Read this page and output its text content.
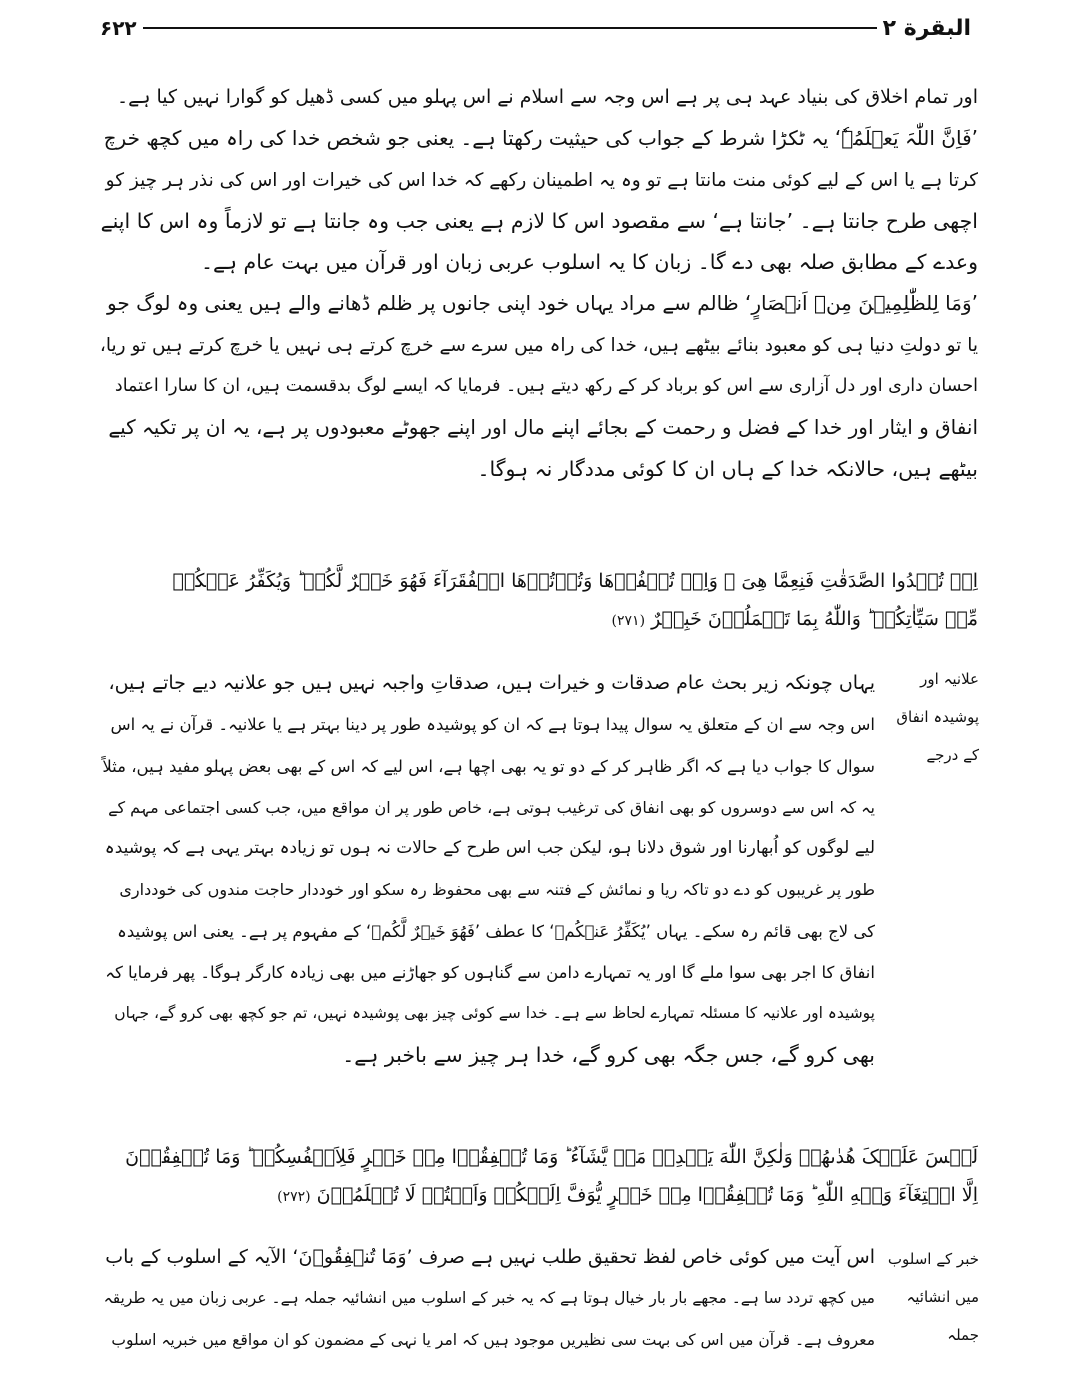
۶۲۲	البقرة ۲
اور تمام اخلاق کی بنیاد عہد ہی پر ہے اس وجہ سے اسلام نے اس پہلو میں کسی ڈھیل کو گوارا نہیں کیا ہے۔
’فَاِنَّ اللّٰہَ یَعۡلَمُہٗ‘ یہ ٹکڑا شرط کے جواب کی حیثیت رکھتا ہے۔ یعنی جو شخص خدا کی راہ میں کچھ خرچ
کرتا ہے یا اس کے لیے کوئی منت مانتا ہے تو وہ یہ اطمینان رکھے کہ خدا اس کی خیرات اور اس کی نذر ہر چیز کو
اچھی طرح جانتا ہے۔ ’جانتا ہے‘ سے مقصود اس کا لازم ہے یعنی جب وہ جانتا ہے تو لازماً وہ اس کا اپنے
وعدے کے مطابق صلہ بھی دے گا۔ زبان کا یہ اسلوب عربی زبان اور قرآن میں بہت عام ہے۔
’وَمَا لِلظّٰلِمِیۡنَ مِنۡ اَنۡصَارٍ‘ ظالم سے مراد یہاں خود اپنی جانوں پر ظلم ڈھانے والے ہیں یعنی وہ لوگ جو
یا تو دولتِ دنیا ہی کو معبود بنائے بیٹھے ہیں، خدا کی راہ میں سرے سے خرچ کرتے ہی نہیں یا خرچ کرتے ہیں تو ریا،
احسان داری اور دل آزاری سے اس کو برباد کر کے رکھ دیتے ہیں۔ فرمایا کہ ایسے لوگ بدقسمت ہیں، ان کا سارا اعتماد
انفاق و ایثار اور خدا کے فضل و رحمت کے بجائے اپنے مال اور اپنے جھوٹے معبودوں پر ہے، یہ ان پر تکیہ کیے
بیٹھے ہیں، حالانکہ خدا کے ہاں ان کا کوئی مددگار نہ ہوگا۔
اِنۡ تُبۡدُوا الصَّدَقٰتِ فَنِعِمَّا هِیَ ۚ وَاِنۡ تُخۡفُوۡهَا وَتُؤۡتُوۡهَا الۡفُقَرَآءَ فَهُوَ خَیۡرٌ لَّکُمۡ ؕ وَیُکَفِّرُ عَنۡکُمۡ
مِّنۡ سَیِّاٰتِکُمۡ ؕ وَاللّٰهُ بِمَا تَعۡمَلُوۡنَ خَبِیۡرٌ (۲۷۱)
علانیہ اور
پوشیدہ انفاق
کے درجے
یہاں چونکہ زیر بحث عام صدقات و خیرات ہیں، صدقاتِ واجبہ نہیں ہیں جو علانیہ دیے جاتے ہیں،
اس وجہ سے ان کے متعلق یہ سوال پیدا ہوتا ہے کہ ان کو پوشیدہ طور پر دینا بہتر ہے یا علانیہ۔ قرآن نے یہ اس
سوال کا جواب دیا ہے کہ اگر ظاہر کر کے دو تو یہ بھی اچھا ہے، اس لیے کہ اس کے بھی بعض پہلو مفید ہیں، مثلاً
یہ کہ اس سے دوسروں کو بھی انفاق کی ترغیب ہوتی ہے، خاص طور پر ان مواقع میں، جب کسی اجتماعی مہم کے
لیے لوگوں کو اُبھارنا اور شوق دلانا ہو، لیکن جب اس طرح کے حالات نہ ہوں تو زیادہ بہتر یہی ہے کہ پوشیدہ
طور پر غریبوں کو دے دو تاکہ ریا و نمائش کے فتنہ سے بھی محفوظ رہ سکو اور خوددار حاجت مندوں کی خودداری
کی لاج بھی قائم رہ سکے۔ یہاں ’یُکَفِّرُ عَنۡکُمۡ‘ کا عطف ’فَهُوَ خَیۡرٌ لَّکُمۡ‘ کے مفہوم پر ہے۔ یعنی اس پوشیدہ
انفاق کا اجر بھی سوا ملے گا اور یہ تمہارے دامن سے گناہوں کو جھاڑنے میں بھی زیادہ کارگر ہوگا۔ پھر فرمایا کہ
پوشیدہ اور علانیہ کا مسئلہ تمہارے لحاظ سے ہے۔ خدا سے کوئی چیز بھی پوشیدہ نہیں، تم جو کچھ بھی کرو گے، جہاں
بھی کرو گے، جس جگہ بھی کرو گے، خدا ہر چیز سے باخبر ہے۔
لَیۡسَ عَلَیۡکَ هُدٰىهُمۡ وَلٰکِنَّ اللّٰهَ یَهۡدِیۡ مَنۡ یَّشَآءُ ؕ وَمَا تُنۡفِقُوۡا مِنۡ خَیۡرٍ فَلِاَنۡفُسِکُمۡ ؕ وَمَا تُنۡفِقُوۡنَ
اِلَّا ابۡتِغَآءَ وَجۡهِ اللّٰهِ ؕ وَمَا تُنۡفِقُوۡا مِنۡ خَیۡرٍ یُّوَفَّ اِلَیۡکُمۡ وَاَنۡتُمۡ لَا تُظۡلَمُوۡنَ (۲۷۲)
خبر کے اسلوب
میں انشائیہ
جملہ
اس آیت میں کوئی خاص لفظ تحقیق طلب نہیں ہے صرف ’وَمَا تُنۡفِقُوۡنَ‘ الآیہ کے اسلوب کے باب
میں کچھ تردد سا ہے۔ مجھے بار بار خیال ہوتا ہے کہ یہ خبر کے اسلوب میں انشائیہ جملہ ہے۔ عربی زبان میں یہ طریقہ
معروف ہے۔ قرآن میں اس کی بہت سی نظیریں موجود ہیں کہ امر یا نہی کے مضمون کو ان مواقع میں خبریہ اسلوب
